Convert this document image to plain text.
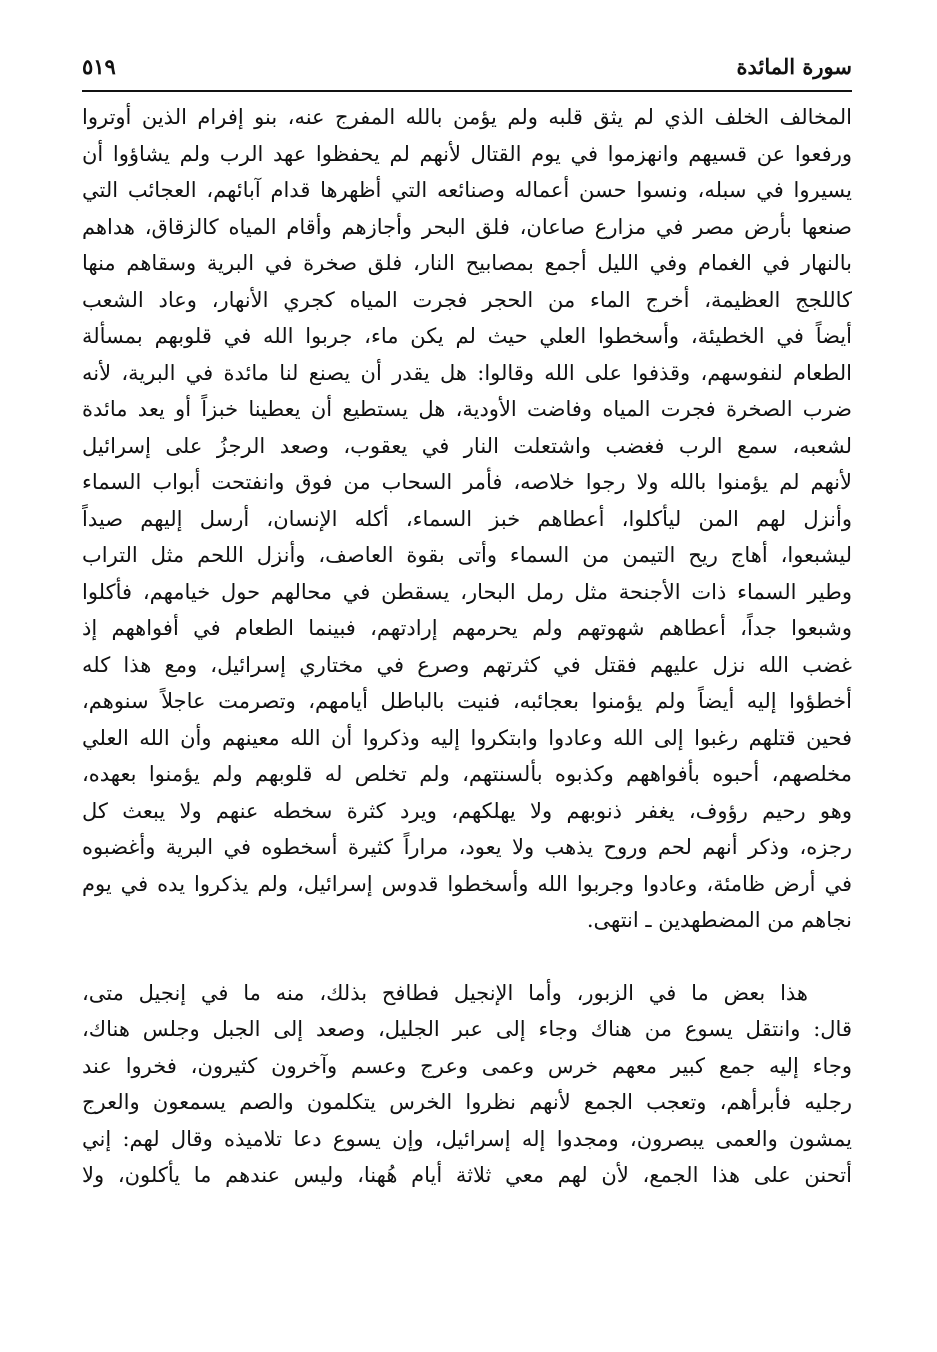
سورة المائدة
٥١٩
المخالف الخلف الذي لم يثق قلبه ولم يؤمن بالله المفرج عنه، بنو إفرام الذين أوتروا
ورفعوا عن قسيهم وانهزموا في يوم القتال لأنهم لم يحفظوا عهد الرب ولم يشاؤوا أن
يسيروا في سبله، ونسوا حسن أعماله وصنائعه التي أظهرها قدام آبائهم، العجائب التي
صنعها بأرض مصر في مزارع صاعان، فلق البحر وأجازهم وأقام المياه كالزقاق، هداهم
بالنهار في الغمام وفي الليل أجمع بمصابيح النار، فلق صخرة في البرية وسقاهم منها
كاللجج العظيمة، أخرج الماء من الحجر فجرت المياه كجري الأنهار، وعاد الشعب
أيضاً في الخطيئة، وأسخطوا العلي حيث لم يكن ماء، جربوا الله في قلوبهم بمسألة
الطعام لنفوسهم، وقذفوا على الله وقالوا: هل يقدر أن يصنع لنا مائدة في البرية، لأنه
ضرب الصخرة فجرت المياه وفاضت الأودية، هل يستطيع أن يعطينا خبزاً أو يعد مائدة
لشعبه، سمع الرب فغضب واشتعلت النار في يعقوب، وصعد الرجزُ على إسرائيل
لأنهم لم يؤمنوا بالله ولا رجوا خلاصه، فأمر السحاب من فوق وانفتحت أبواب السماء
وأنزل لهم المن ليأكلوا، أعطاهم خبز السماء، أكله الإنسان، أرسل إليهم صيداً
ليشبعوا، أهاج ريح التيمن من السماء وأتى بقوة العاصف، وأنزل اللحم مثل التراب
وطير السماء ذات الأجنحة مثل رمل البحار، يسقطن في محالهم حول خيامهم، فأكلوا
وشبعوا جداً، أعطاهم شهوتهم ولم يحرمهم إرادتهم، فبينما الطعام في أفواههم إذ
غضب الله نزل عليهم فقتل في كثرتهم وصرع في مختاري إسرائيل، ومع هذا كله
أخطؤوا إليه أيضاً ولم يؤمنوا بعجائبه، فنيت بالباطل أيامهم، وتصرمت عاجلاً سنوهم،
فحين قتلهم رغبوا إلى الله وعادوا وابتكروا إليه وذكروا أن الله معينهم وأن الله العلي
مخلصهم، أحبوه بأفواههم وكذبوه بألسنتهم، ولم تخلص له قلوبهم ولم يؤمنوا بعهده،
وهو رحيم رؤوف، يغفر ذنوبهم ولا يهلكهم، ويرد كثرة سخطه عنهم ولا يبعث كل
رجزه، وذكر أنهم لحم وروح يذهب ولا يعود، مراراً كثيرة أسخطوه في البرية وأغضبوه
في أرض ظامئة، وعادوا وجربوا الله وأسخطوا قدوس إسرائيل، ولم يذكروا يده في يوم
نجاهم من المضطهدين ـ انتهى.
هذا بعض ما في الزبور، وأما الإنجيل فطافح بذلك، منه ما في إنجيل متى،
قال: وانتقل يسوع من هناك وجاء إلى عبر الجليل، وصعد إلى الجبل وجلس هناك،
وجاء إليه جمع كبير معهم خرس وعمى وعرج وعسم وآخرون كثيرون، فخروا عند
رجليه فأبرأهم، وتعجب الجمع لأنهم نظروا الخرس يتكلمون والصم يسمعون والعرج
يمشون والعمى يبصرون، ومجدوا إله إسرائيل، وإن يسوع دعا تلاميذه وقال لهم: إني
أتحنن على هذا الجمع، لأن لهم معي ثلاثة أيام هُهنا، وليس عندهم ما يأكلون، ولا
